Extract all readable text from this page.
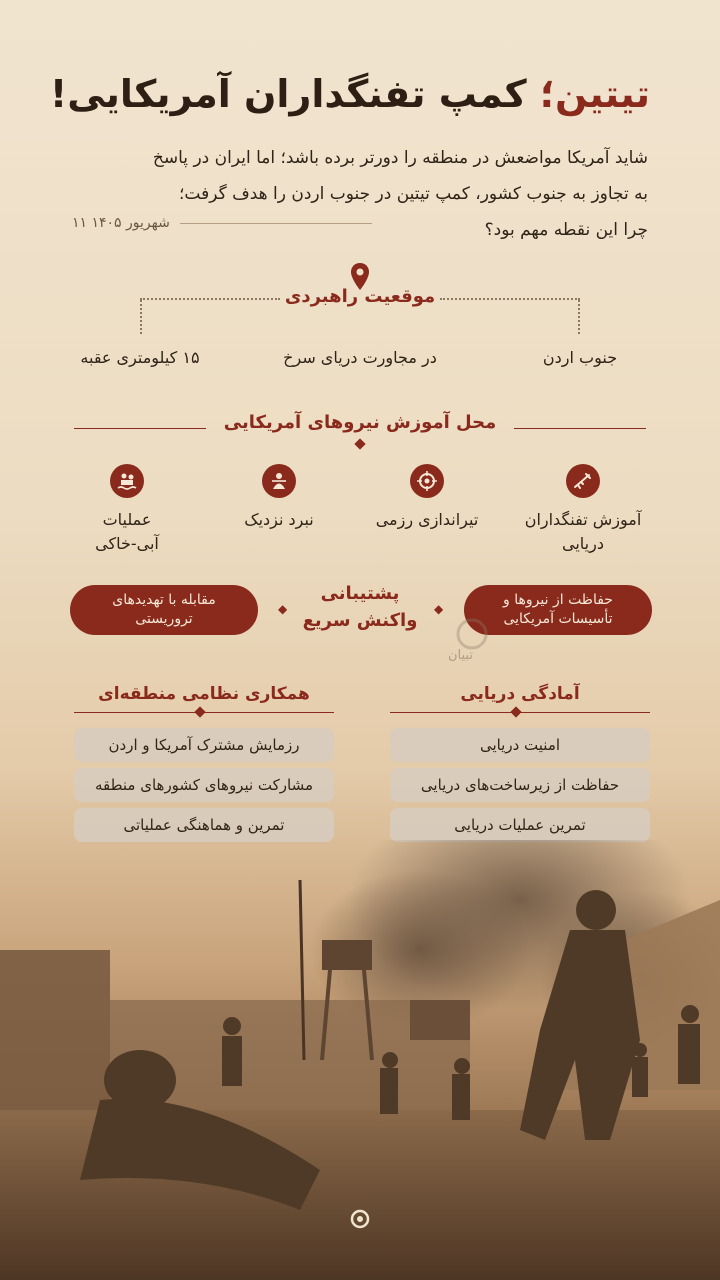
تیتین؛ کمپ تفنگداران آمریکایی!
شاید آمریکا مواضعش در منطقه را دورتر برده باشد؛ اما ایران در پاسخ
به تجاوز به جنوب کشور، کمپ تیتین در جنوب اردن را هدف گرفت؛
چرا این نقطه مهم بود؟
۱۱ شهریور ۱۴۰۵
موقعیت راهبردی
جنوب اردن
در مجاورت دریای سرخ
۱۵ کیلومتری عقبه
محل آموزش نیروهای آمریکایی
آموزش تفنگداران
دریایی
تیراندازی رزمی
نبرد نزدیک
عملیات
آبی-خاکی
حفاظت از نیروها و
تأسیسات آمریکایی
◆
پشتیبانی
واکنش سریع
◆
مقابله با تهدیدهای
تروریستی
تبیان
آمادگی دریایی
امنیت دریایی
حفاظت از زیرساخت‌های دریایی
تمرین عملیات دریایی
همکاری نظامی منطقه‌ای
رزمایش مشترک آمریکا و اردن
مشارکت نیروهای کشورهای منطقه
تمرین و هماهنگی عملیاتی
